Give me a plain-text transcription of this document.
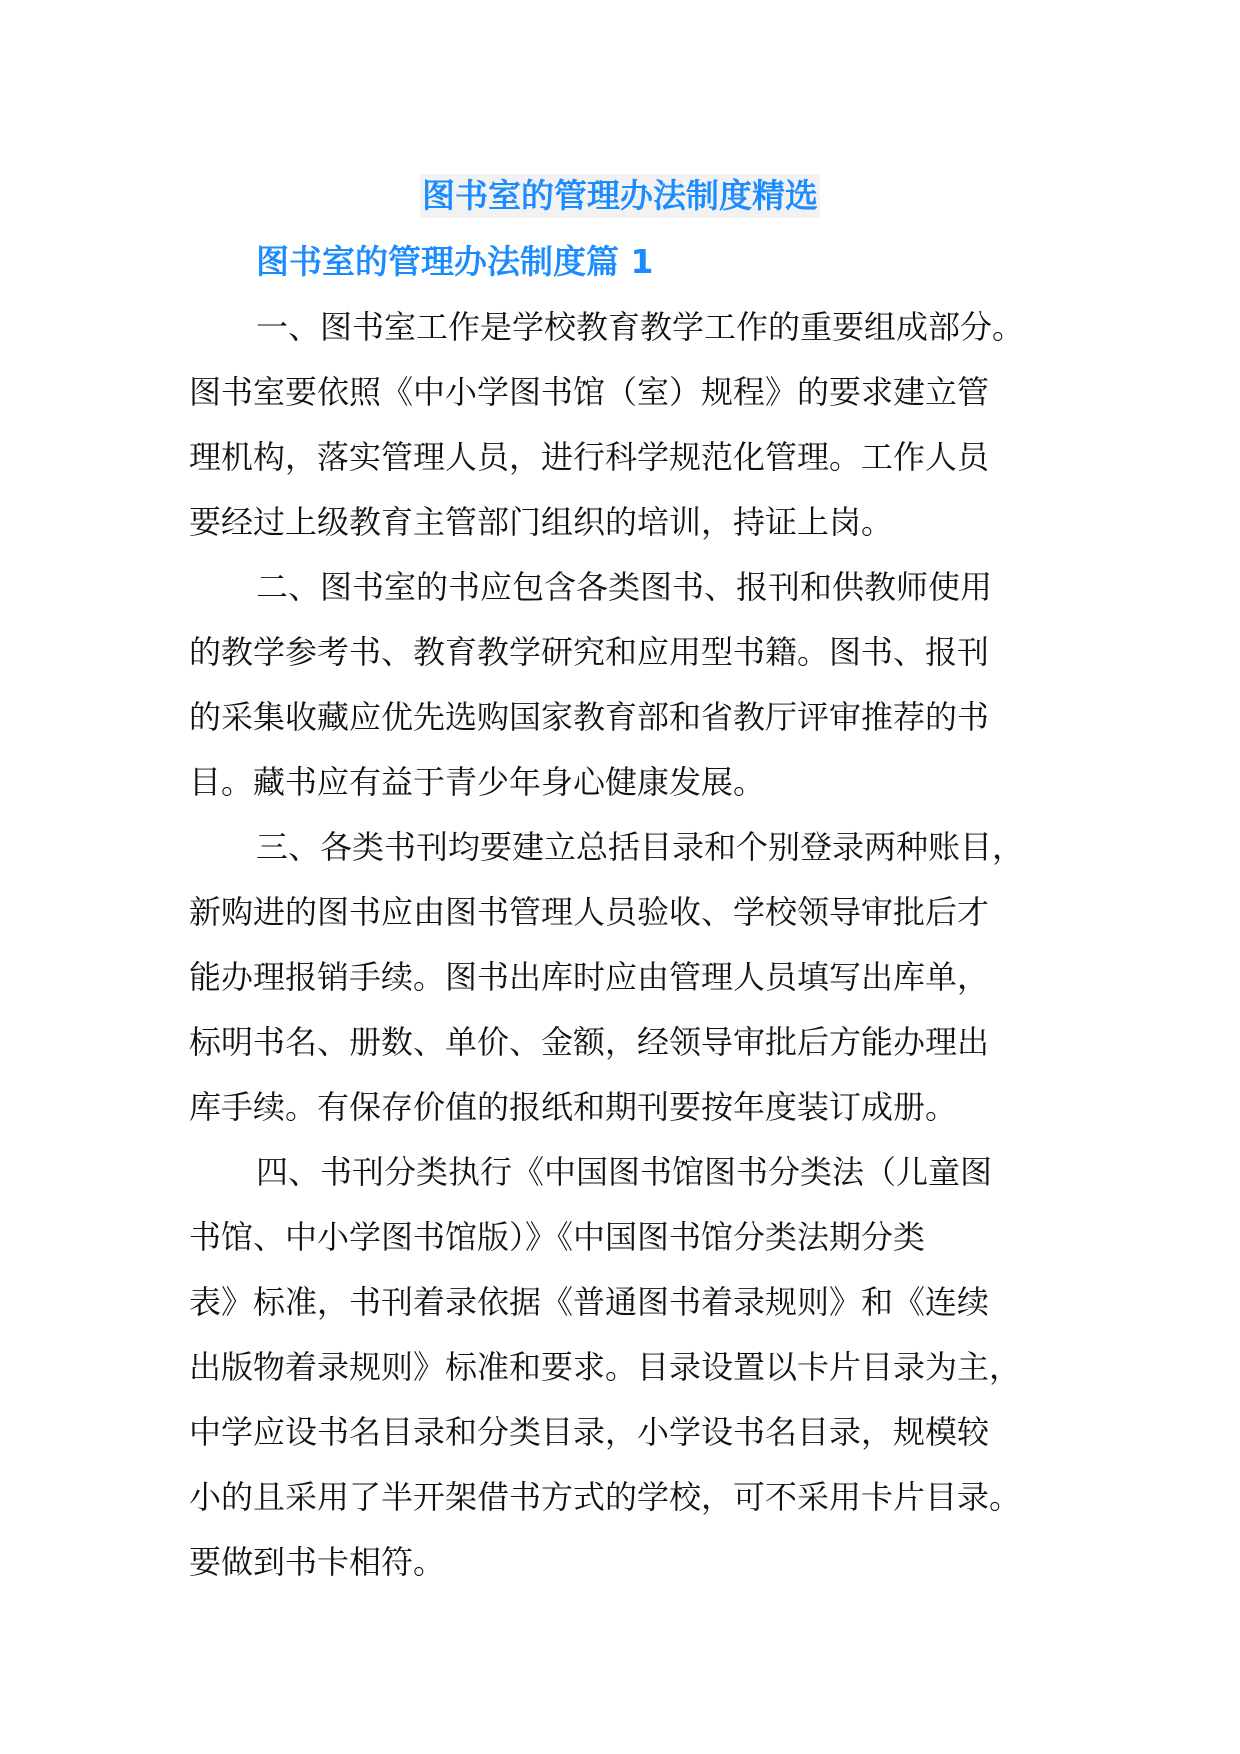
图书室的管理办法制度精选
图书室的管理办法制度篇 1
一、图书室工作是学校教育教学工作的重要组成部分。
图书室要依照《中小学图书馆（室）规程》的要求建立管
理机构，落实管理人员，进行科学规范化管理。工作人员
要经过上级教育主管部门组织的培训，持证上岗。
二、图书室的书应包含各类图书、报刊和供教师使用
的教学参考书、教育教学研究和应用型书籍。图书、报刊
的采集收藏应优先选购国家教育部和省教厅评审推荐的书
目。藏书应有益于青少年身心健康发展。
三、各类书刊均要建立总括目录和个别登录两种账目，
新购进的图书应由图书管理人员验收、学校领导审批后才
能办理报销手续。图书出库时应由管理人员填写出库单，
标明书名、册数、单价、金额，经领导审批后方能办理出
库手续。有保存价值的报纸和期刊要按年度装订成册。
四、书刊分类执行《中国图书馆图书分类法（儿童图
书馆、中小学图书馆版）》《中国图书馆分类法期分类
表》标准，书刊着录依据《普通图书着录规则》和《连续
出版物着录规则》标准和要求。目录设置以卡片目录为主，
中学应设书名目录和分类目录，小学设书名目录，规模较
小的且采用了半开架借书方式的学校，可不采用卡片目录。
要做到书卡相符。
